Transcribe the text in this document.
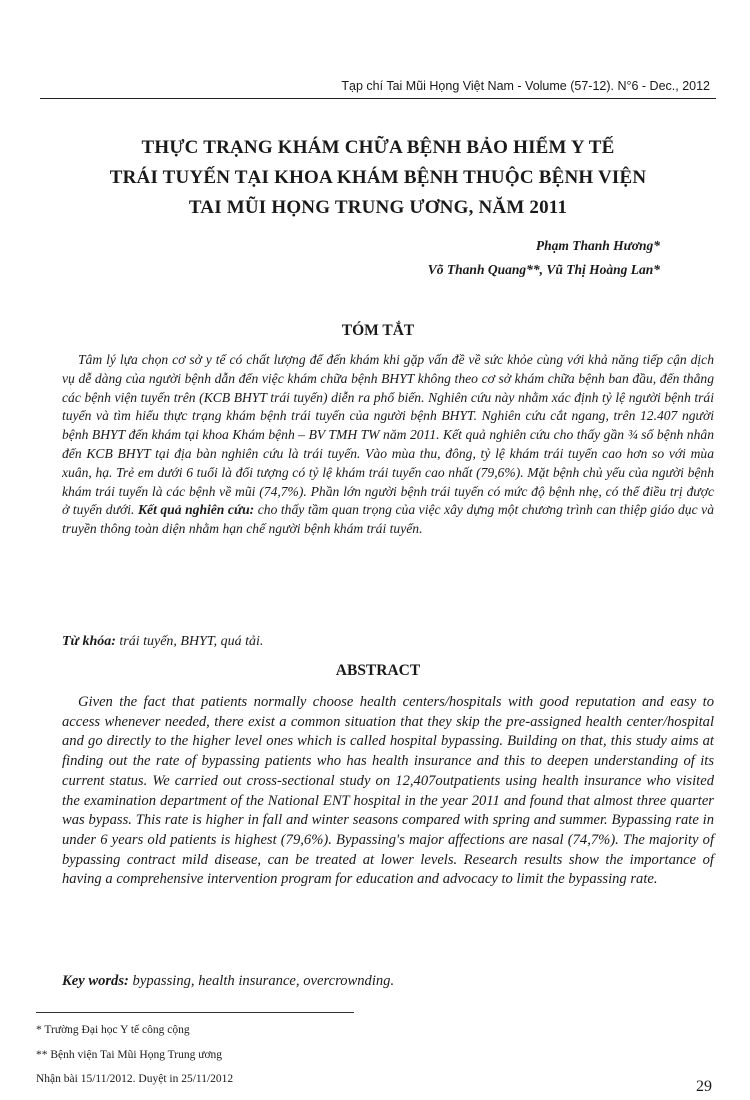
Tạp chí Tai Mũi Họng Việt Nam - Volume (57-12). N°6 - Dec., 2012
THỰC TRẠNG KHÁM CHỮA BỆNH BẢO HIỂM Y TẾ
TRÁI TUYẾN TẠI KHOA KHÁM BỆNH THUỘC BỆNH VIỆN
TAI MŨI HỌNG TRUNG ƯƠNG, NĂM 2011
Phạm Thanh Hương*
Võ Thanh Quang**, Vũ Thị Hoàng Lan*
TÓM TẮT

Tâm lý lựa chọn cơ sở y tế có chất lượng để đến khám khi gặp vấn đề về sức khỏe cùng với khả năng tiếp cận dịch vụ dễ dàng của người bệnh dẫn đến việc khám chữa bệnh BHYT không theo cơ sở khám chữa bệnh ban đầu, đến thẳng các bệnh viện tuyến trên (KCB BHYT trái tuyến) diễn ra phổ biến. Nghiên cứu này nhằm xác định tỷ lệ người bệnh trái tuyến và tìm hiểu thực trạng khám bệnh trái tuyến của người bệnh BHYT. Nghiên cứu cắt ngang, trên 12.407 người bệnh BHYT đến khám tại khoa Khám bệnh – BV TMH TW năm 2011. Kết quả nghiên cứu cho thấy gần ¾ số bệnh nhân đến KCB BHYT tại địa bàn nghiên cứu là trái tuyến. Vào mùa thu, đông, tỷ lệ khám trái tuyến cao hơn so với mùa xuân, hạ. Trẻ em dưới 6 tuổi là đối tượng có tỷ lệ khám trái tuyến cao nhất (79,6%). Mặt bệnh chủ yếu của người bệnh khám trái tuyến là các bệnh về mũi (74,7%). Phần lớn người bệnh trái tuyến có mức độ bệnh nhẹ, có thể điều trị được ở tuyến dưới. Kết quả nghiên cứu: cho thấy tầm quan trọng của việc xây dựng một chương trình can thiệp giáo dục và truyền thông toàn diện nhằm hạn chế người bệnh khám trái tuyến.

Từ khóa: trái tuyến, BHYT, quá tải.
ABSTRACT

Given the fact that patients normally choose health centers/hospitals with good reputation and easy to access whenever needed, there exist a common situation that they skip the pre-assigned health center/hospital and go directly to the higher level ones which is called hospital bypassing. Building on that, this study aims at finding out the rate of bypassing patients who has health insurance and this to deepen understanding of its current status. We carried out cross-sectional study on 12,407outpatients using health insurance who visited the examination department of the National ENT hospital in the year 2011 and found that almost three quarter was bypass. This rate is higher in fall and winter seasons compared with spring and summer. Bypassing rate in under 6 years old patients is highest (79,6%). Bypassing's major affections are nasal (74,7%). The majority of bypassing contract mild disease, can be treated at lower levels. Research results show the importance of having a comprehensive intervention program for education and advocacy to limit the bypassing rate.

Key words: bypassing, health insurance, overcrownding.
* Trường Đại học Y tế công cộng
** Bệnh viện Tai Mũi Họng Trung ương
Nhận bài 15/11/2012. Duyệt in 25/11/2012	29
